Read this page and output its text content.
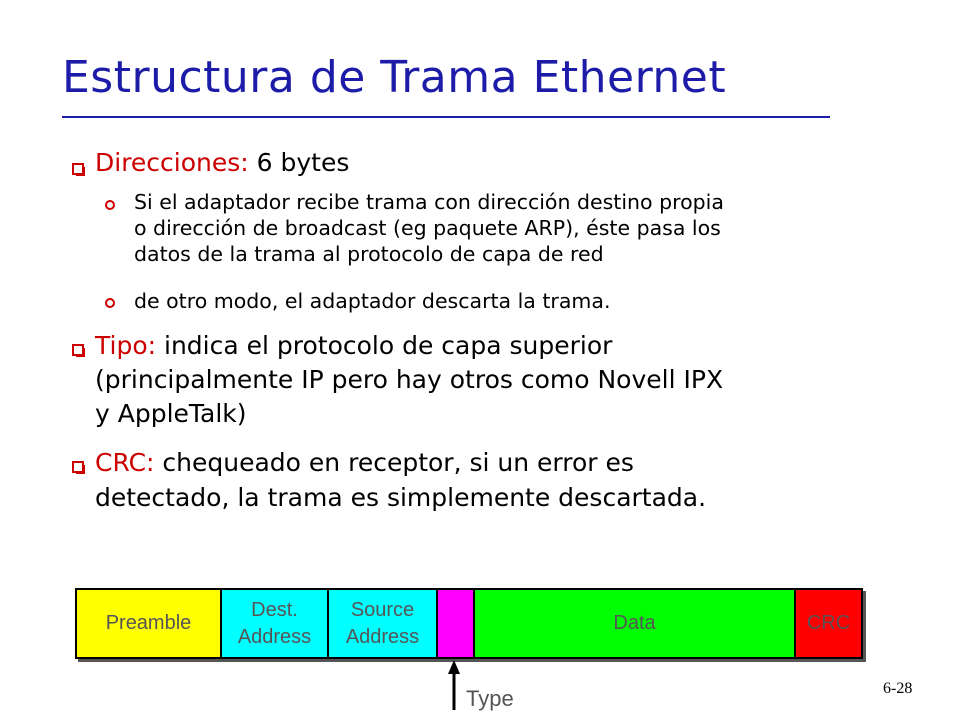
Estructura de Trama Ethernet
Direcciones: 6 bytes
Si el adaptador recibe trama con dirección destino propia
o dirección de broadcast (eg paquete ARP), éste pasa los
datos de la trama al protocolo de capa de red
de otro modo, el adaptador descarta la trama.
Tipo: indica el protocolo de capa superior
(principalmente IP pero hay otros como Novell IPX
y AppleTalk)
CRC: chequeado en receptor, si un error es
detectado, la trama es simplemente descartada.
Preamble
Dest.
Address
Source
Address
Data	CRC
Type	6-28
